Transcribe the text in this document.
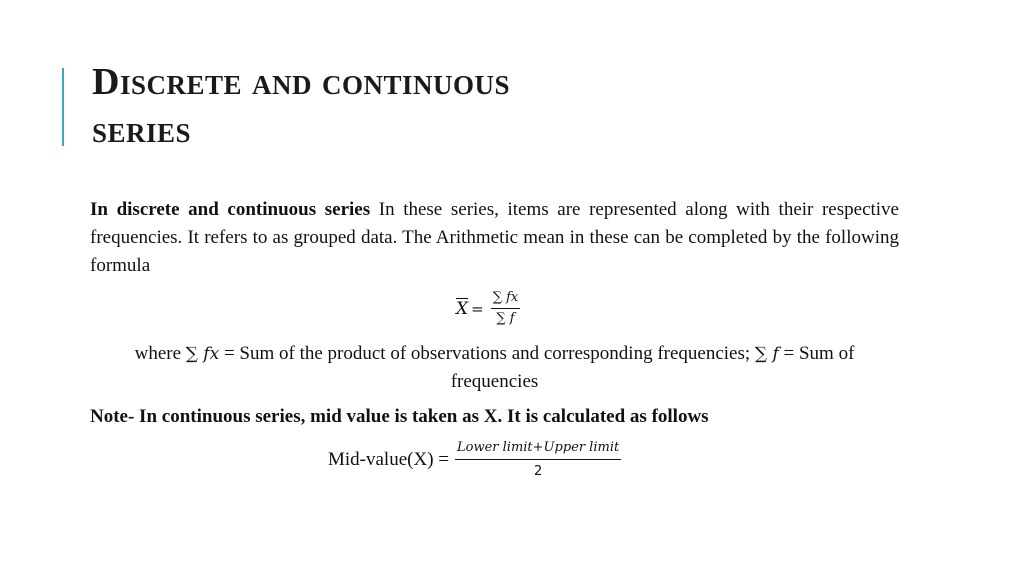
Discrete and continuous
series
In discrete and continuous series In these series, items are represented along with their respective frequencies. It refers to as grouped data. The Arithmetic mean in these can be completed by the following formula
$\overline{X} = \frac{\text{∑ 𝑓𝑥}}{\text{∑ 𝑓}}$
where ∑ 𝑓𝑥 = Sum of the product of observations and corresponding frequencies; ∑ 𝑓 = Sum of frequencies
Note- In continuous series, mid value is taken as X. It is calculated as follows
Mid-value(X) = $\frac{\text{Lower limit+Upper limit}}{2}$
